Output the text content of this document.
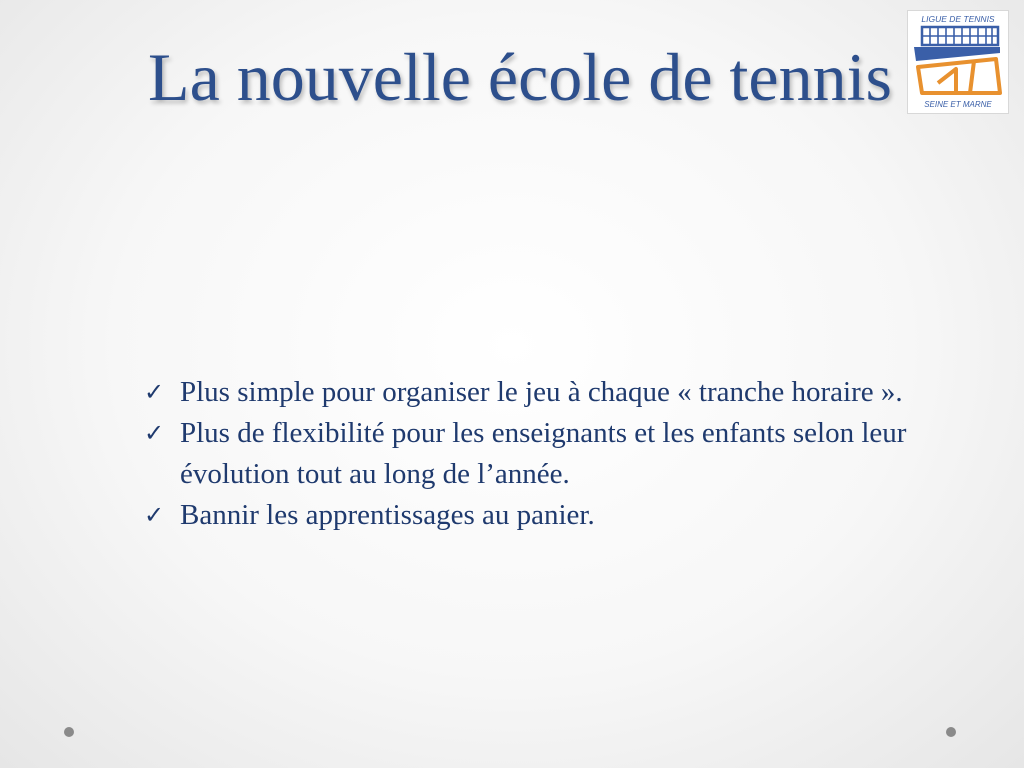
La nouvelle école de tennis
LIGUE DE TENNIS
SEINE ET MARNE
✓ Plus simple pour organiser le jeu à chaque « tranche horaire ».
✓ Plus de flexibilité pour les enseignants et les enfants selon leur évolution tout au long de l’année.
✓ Bannir les apprentissages au panier.
